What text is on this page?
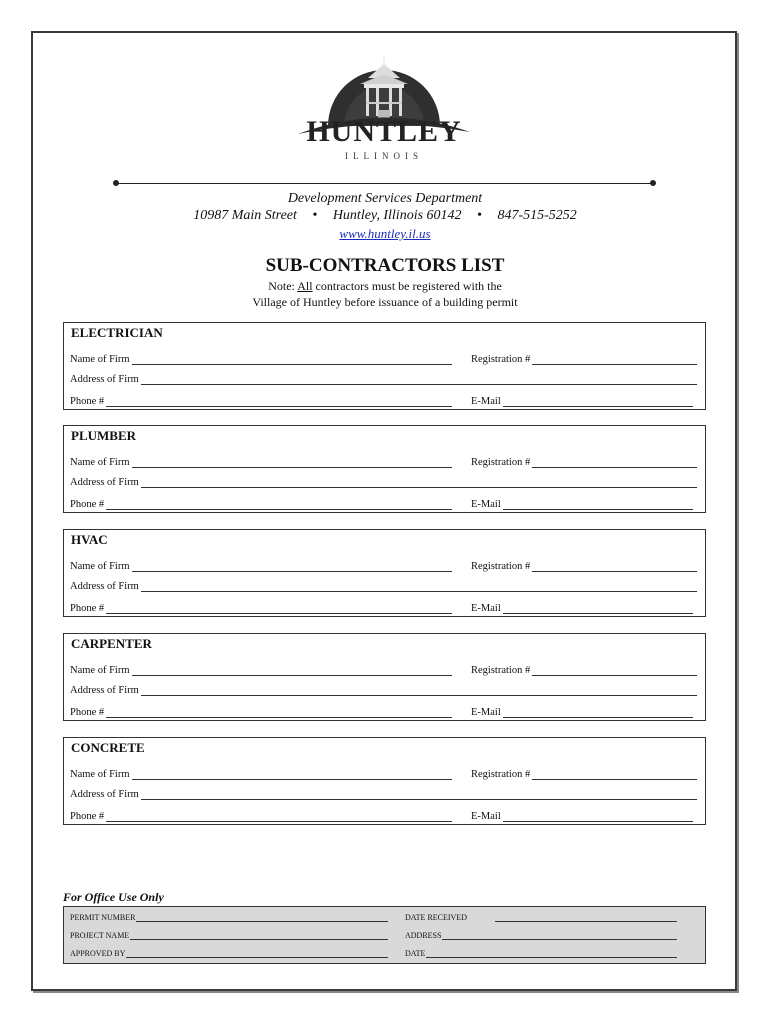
HUNTLEY
ILLINOIS
Development Services Department
10987 Main Street • Huntley, Illinois 60142 • 847-515-5252
www.huntley.il.us
SUB-CONTRACTORS LIST
Note: All contractors must be registered with the
Village of Huntley before issuance of a building permit
ELECTRICIAN
Name of Firm	Registration #
Address of Firm
Phone #	E-Mail
PLUMBER
Name of Firm	Registration #
Address of Firm
Phone #	E-Mail
HVAC
Name of Firm	Registration #
Address of Firm
Phone #	E-Mail
CARPENTER
Name of Firm	Registration #
Address of Firm
Phone #	E-Mail
CONCRETE
Name of Firm	Registration #
Address of Firm
Phone #	E-Mail
For Office Use Only
PERMIT NUMBER	DATE RECEIVED
PROJECT NAME	ADDRESS
APPROVED BY	DATE
